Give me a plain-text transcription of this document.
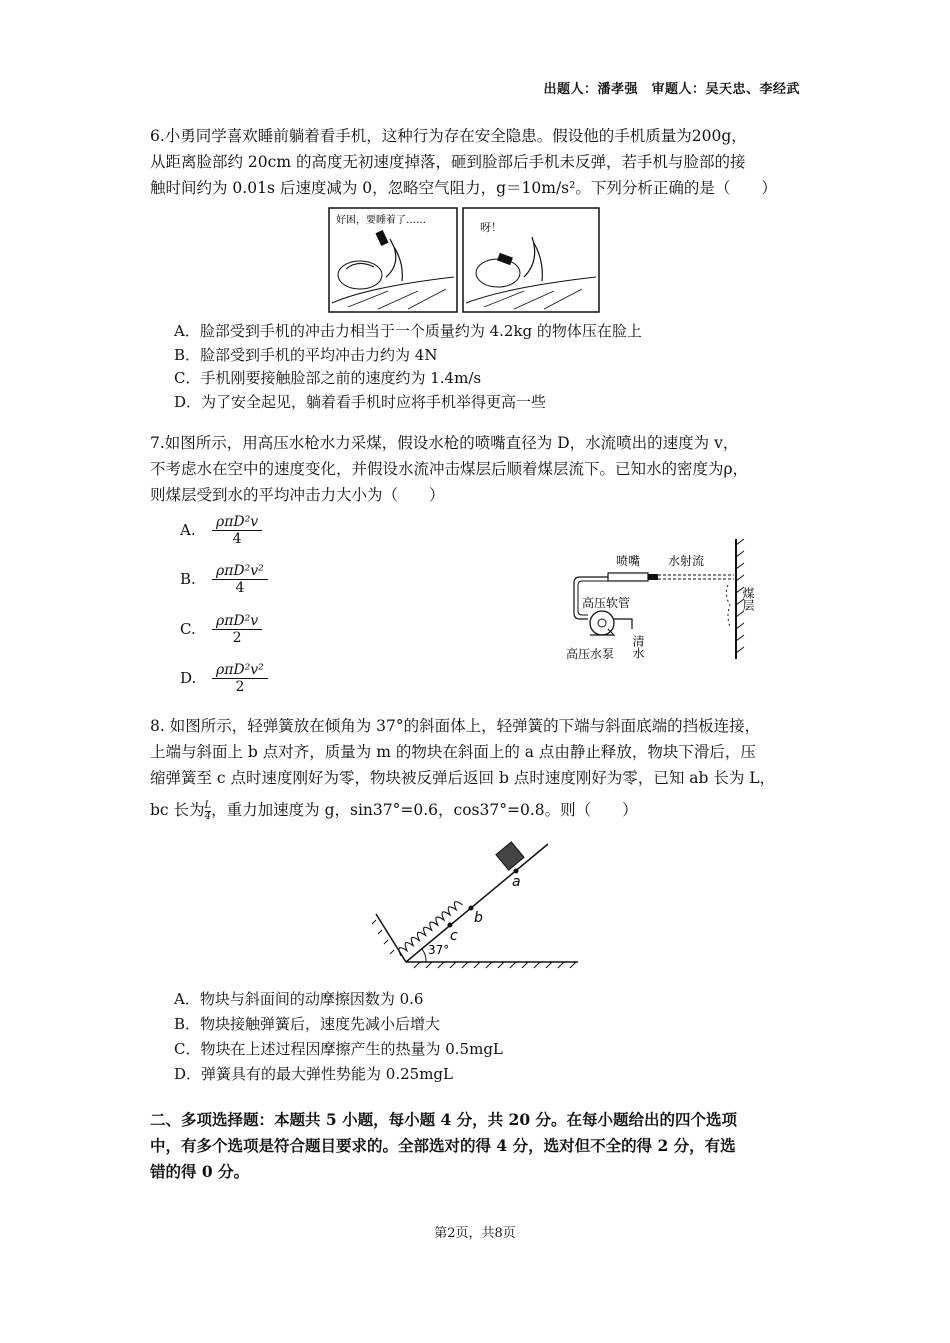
出题人：潘孝强　审题人：吴天忠、李经武

6.小勇同学喜欢睡前躺着看手机，这种行为存在安全隐患。假设他的手机质量为200g，

从距离脸部约 20cm 的高度无初速度掉落，砸到脸部后手机未反弹，若手机与脸部的接

触时间约为 0.01s 后速度减为 0，忽略空气阻力，g＝10m/s²。下列分析正确的是（　　）

好困，要睡着了……
呀！

A．脸部受到手机的冲击力相当于一个质量约为 4.2kg 的物体压在脸上

B．脸部受到手机的平均冲击力约为 4N

C．手机刚要接触脸部之前的速度约为 1.4m/s

D．为了安全起见，躺着看手机时应将手机举得更高一些

7.如图所示，用高压水枪水力采煤，假设水枪的喷嘴直径为 D，水流喷出的速度为 v，

不考虑水在空中的速度变化，并假设水流冲击煤层后顺着煤层流下。已知水的密度为ρ，

则煤层受到水的平均冲击力大小为（　　）

A.	$\frac{\text{ρπD²v}}{4}$
B.	$\frac{\text{ρπD²v²}}{4}$
C.	$\frac{\text{ρπD²v}}{2}$
D.	$\frac{\text{ρπD²v²}}{2}$
喷嘴 水射流
高压软管
高压水泵 清水
煤层

8. 如图所示，轻弹簧放在倾角为 37°的斜面体上，轻弹簧的下端与斜面底端的挡板连接，

上端与斜面上 b 点对齐，质量为 m 的物块在斜面上的 a 点由静止释放，物块下滑后，压

缩弹簧至 c 点时速度刚好为零，物块被反弹后返回 b 点时速度刚好为零，已知 ab 长为 L，

bc 长为 $\frac{L}{4}$ ，重力加速度为 g，sin37°=0.6，cos37°=0.8。则（　　）

a
b
c
37°

A．物块与斜面间的动摩擦因数为 0.6

B．物块接触弹簧后，速度先减小后增大

C．物块在上述过程因摩擦产生的热量为 0.5mgL

D．弹簧具有的最大弹性势能为 0.25mgL

二、多项选择题：本题共 5 小题，每小题 4 分，共 20 分。在每小题给出的四个选项

中，有多个选项是符合题目要求的。全部选对的得 4 分，选对但不全的得 2 分，有选

错的得 0 分。

第2页，共8页
